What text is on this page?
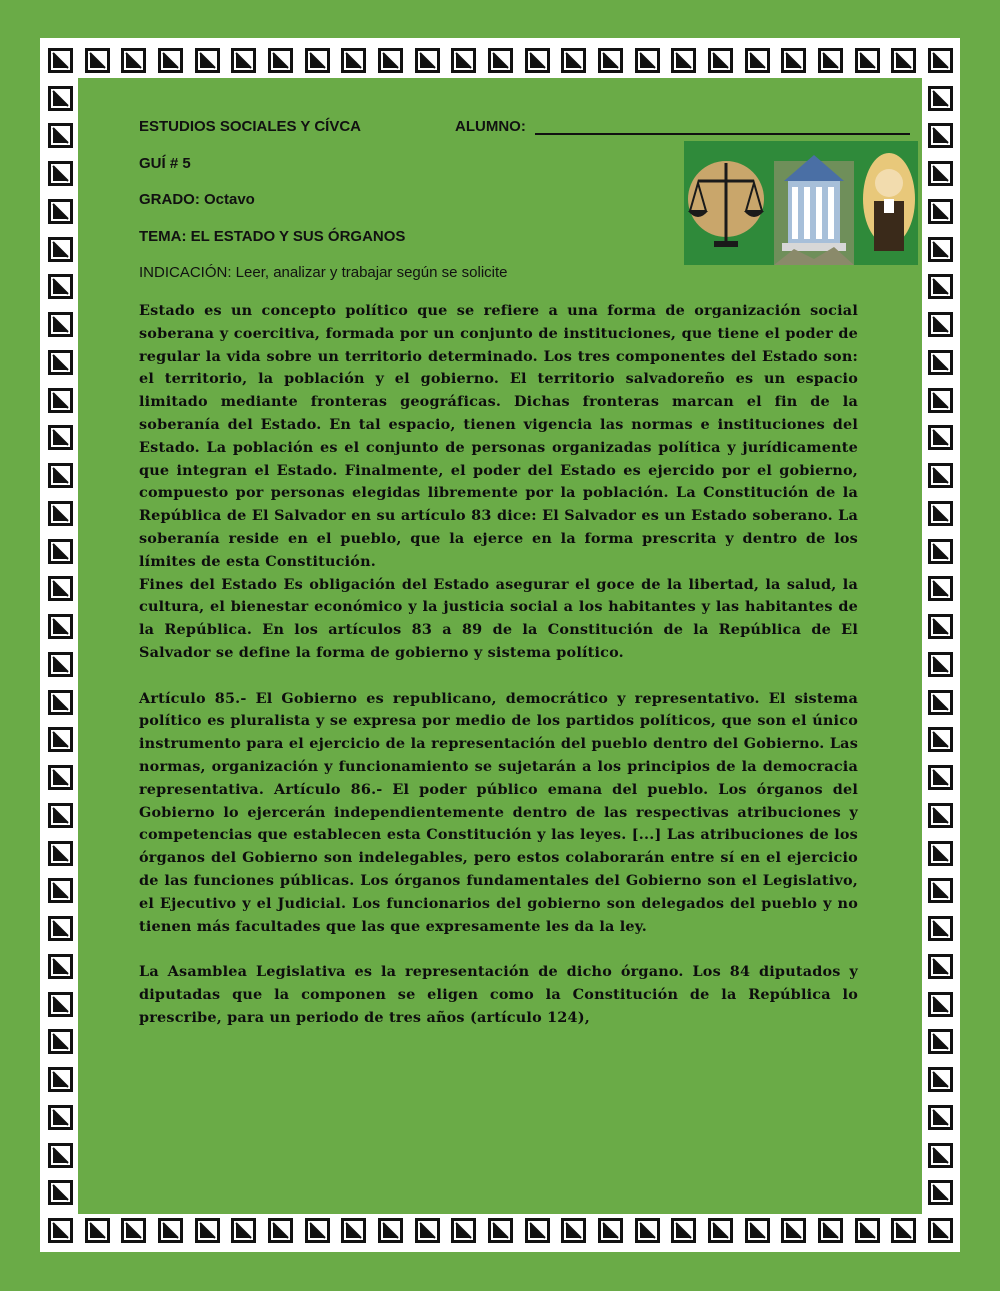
ESTUDIOS SOCIALES Y CÍVCA	ALUMNO:
GUÍ # 5
GRADO: Octavo
TEMA: EL ESTADO Y SUS ÓRGANOS
INDICACIÓN: Leer, analizar y trabajar según se solicite

Estado es un concepto político que se refiere a una forma de organización social soberana y coercitiva, formada por un conjunto de instituciones, que tiene el poder de regular la vida sobre un territorio determinado. Los tres componentes del Estado son: el territorio, la población y el gobierno. El territorio salvadoreño es un espacio limitado mediante fronteras geográficas. Dichas fronteras marcan el fin de la soberanía del Estado. En tal espacio, tienen vigencia las normas e instituciones del Estado. La población es el conjunto de personas organizadas política y jurídicamente que integran el Estado. Finalmente, el poder del Estado es ejercido por el gobierno, compuesto por personas elegidas libremente por la población. La Constitución de la República de El Salvador en su artículo 83 dice: El Salvador es un Estado soberano. La soberanía reside en el pueblo, que la ejerce en la forma prescrita y dentro de los límites de esta Constitución.

Fines del Estado Es obligación del Estado asegurar el goce de la libertad, la salud, la cultura, el bienestar económico y la justicia social a los habitantes y las habitantes de la República. En los artículos 83 a 89 de la Constitución de la República de El Salvador se define la forma de gobierno y sistema político.

Artículo 85.- El Gobierno es republicano, democrático y representativo. El sistema político es pluralista y se expresa por medio de los partidos políticos, que son el único instrumento para el ejercicio de la representación del pueblo dentro del Gobierno. Las normas, organización y funcionamiento se sujetarán a los principios de la democracia representativa. Artículo 86.- El poder público emana del pueblo. Los órganos del Gobierno lo ejercerán independientemente dentro de las respectivas atribuciones y competencias que establecen esta Constitución y las leyes. [...] Las atribuciones de los órganos del Gobierno son indelegables, pero estos colaborarán entre sí en el ejercicio de las funciones públicas. Los órganos fundamentales del Gobierno son el Legislativo, el Ejecutivo y el Judicial. Los funcionarios del gobierno son delegados del pueblo y no tienen más facultades que las que expresamente les da la ley.

La Asamblea Legislativa es la representación de dicho órgano. Los 84 diputados y diputadas que la componen se eligen como la Constitución de la República lo prescribe, para un periodo de tres años (artículo 124),
